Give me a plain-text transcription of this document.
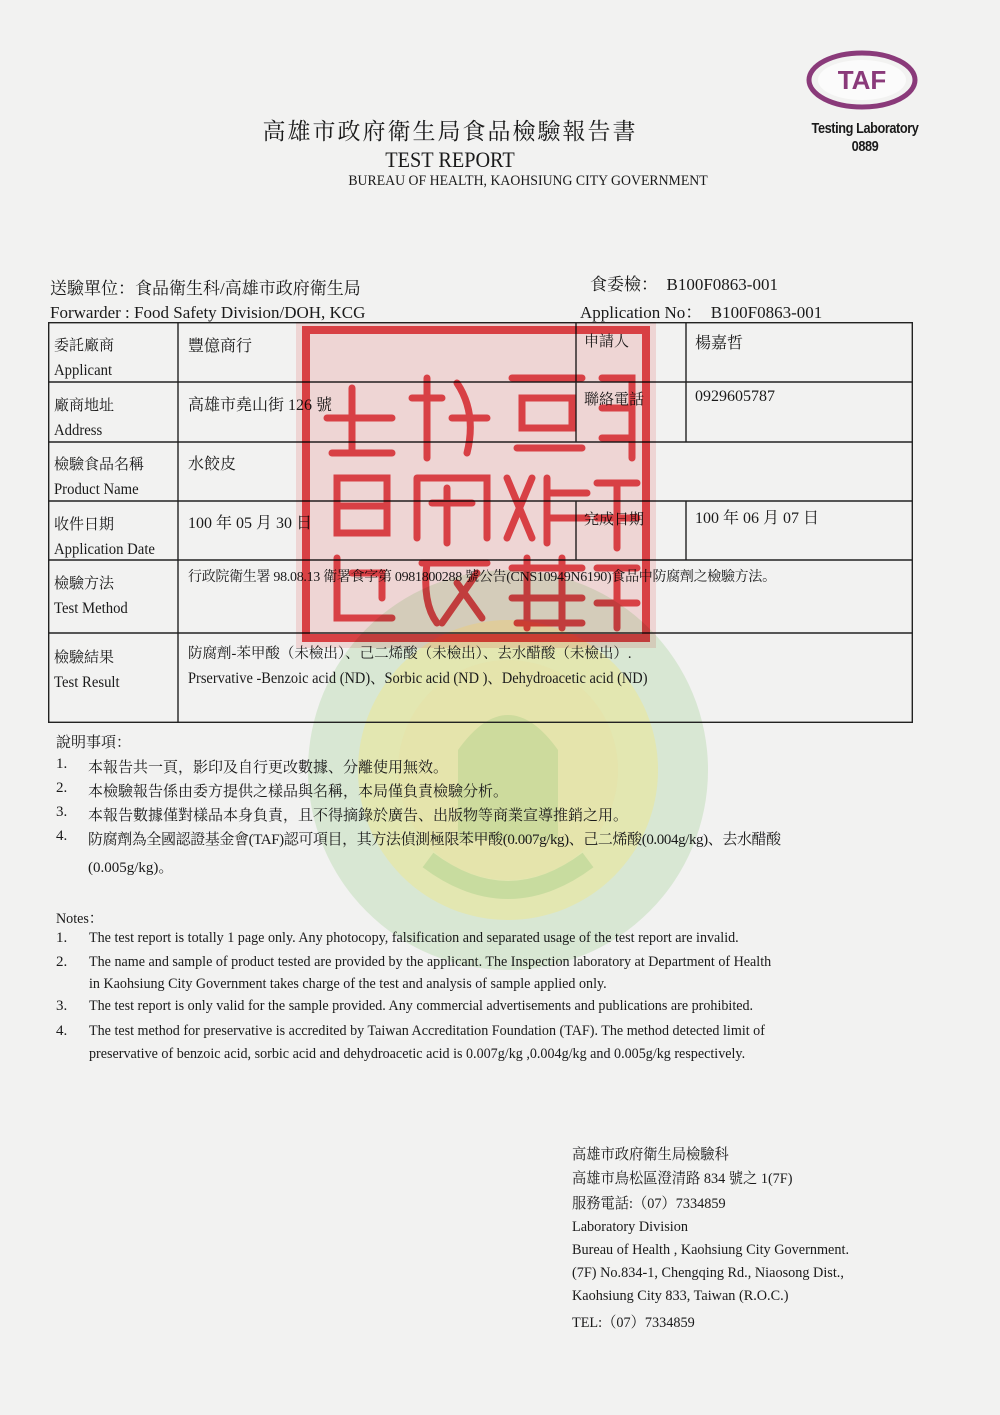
TAF
Testing Laboratory
0889
高雄市政府衛生局食品檢驗報告書
TEST REPORT
BUREAU OF HEALTH, KAOHSIUNG CITY GOVERNMENT
送驗單位：食品衛生科/高雄市政府衛生局
Forwarder : Food Safety Division/DOH, KCG
食委檢： B100F0863-001
Application No： B100F0863-001
委託廠商
Applicant
豐億商行	申請人	楊嘉哲
廠商地址
Address
高雄市堯山街 126 號	聯絡電話	0929605787
檢驗食品名稱
Product Name
水餃皮
收件日期
Application Date
100 年 05 月 30 日	完成日期	100 年 06 月 07 日
檢驗方法
Test Method
行政院衛生署 98.08.13 衛署食字第 0981800288 號公告(CNS10949N6190)食品中防腐劑之檢驗方法。
檢驗結果
Test Result
防腐劑-苯甲酸（未檢出）、己二烯酸（未檢出）、去水醋酸（未檢出）.
Prservative -Benzoic acid (ND)、Sorbic acid (ND )、Dehydroacetic acid (ND)
說明事項：
1. 本報告共一頁，影印及自行更改數據、分離使用無效。
2. 本檢驗報告係由委方提供之樣品與名稱，本局僅負責檢驗分析。
3. 本報告數據僅對樣品本身負責，且不得摘錄於廣告、出版物等商業宣導推銷之用。
4. 防腐劑為全國認證基金會(TAF)認可項目，其方法偵測極限苯甲酸(0.007g/kg)、己二烯酸(0.004g/kg)、去水醋酸
(0.005g/kg)。
Notes：
1. The test report is totally 1 page only. Any photocopy, falsification and separated usage of the test report are invalid.
2. The name and sample of product tested are provided by the applicant. The Inspection laboratory at Department of Health
in Kaohsiung City Government takes charge of the test and analysis of sample applied only.
3. The test report is only valid for the sample provided. Any commercial advertisements and publications are prohibited.
4. The test method for preservative is accredited by Taiwan Accreditation Foundation (TAF). The method detected limit of
preservative of benzoic acid, sorbic acid and dehydroacetic acid is 0.007g/kg ,0.004g/kg and 0.005g/kg respectively.
高雄市政府衛生局檢驗科
高雄市鳥松區澄清路 834 號之 1(7F)
服務電話:（07）7334859
Laboratory Division
Bureau of Health , Kaohsiung City Government.
(7F) No.834-1, Chengqing Rd., Niaosong Dist.,
Kaohsiung City 833, Taiwan (R.O.C.)
TEL:（07）7334859
